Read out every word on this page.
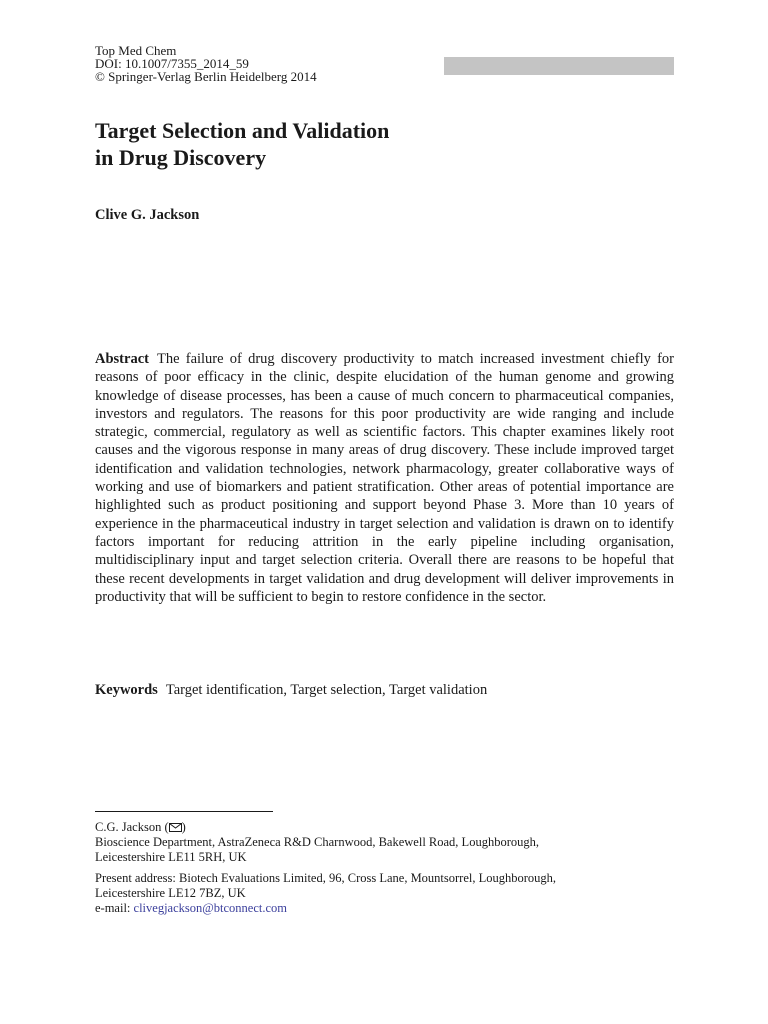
Top Med Chem
DOI: 10.1007/7355_2014_59
© Springer-Verlag Berlin Heidelberg 2014
Target Selection and Validation
in Drug Discovery
Clive G. Jackson
Abstract The failure of drug discovery productivity to match increased investment chiefly for reasons of poor efficacy in the clinic, despite elucidation of the human genome and growing knowledge of disease processes, has been a cause of much concern to pharmaceutical companies, investors and regulators. The reasons for this poor productivity are wide ranging and include strategic, commercial, regulatory as well as scientific factors. This chapter examines likely root causes and the vigorous response in many areas of drug discovery. These include improved target identification and validation technologies, network pharmacology, greater collaborative ways of working and use of biomarkers and patient stratification. Other areas of potential importance are highlighted such as product positioning and support beyond Phase 3. More than 10 years of experience in the pharmaceutical industry in target selection and validation is drawn on to identify factors important for reducing attrition in the early pipeline including organisation, multidisciplinary input and target selection criteria. Overall there are reasons to be hopeful that these recent developments in target validation and drug development will deliver improvements in productivity that will be sufficient to begin to restore confidence in the sector.
Keywords Target identification, Target selection, Target validation
C.G. Jackson ( )
Bioscience Department, AstraZeneca R&D Charnwood, Bakewell Road, Loughborough,
Leicestershire LE11 5RH, UK
Present address: Biotech Evaluations Limited, 96, Cross Lane, Mountsorrel, Loughborough,
Leicestershire LE12 7BZ, UK
e-mail: clivegjackson@btconnect.com
